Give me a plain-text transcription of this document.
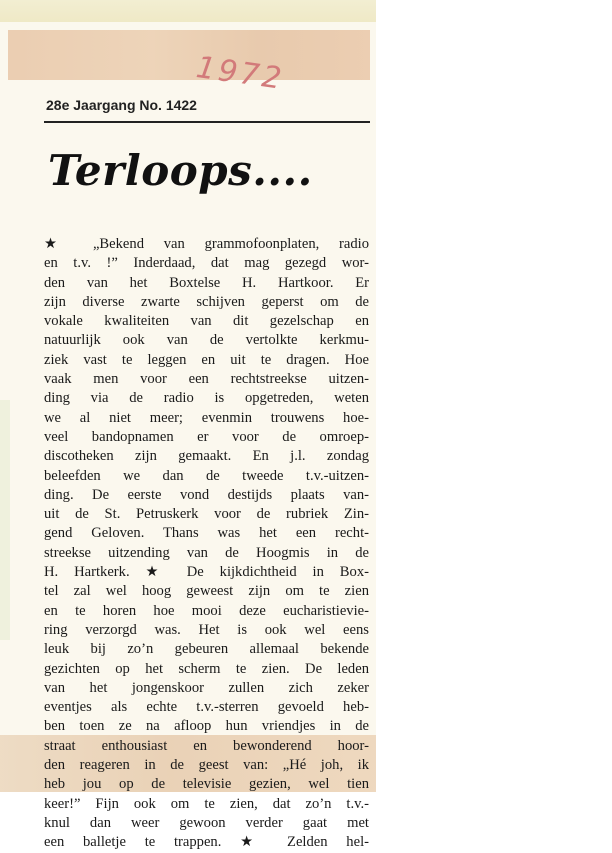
1972
28e Jaargang No. 1422
Terloops....
★ „Bekend van grammofoonplaten, radio
en t.v. !” Inderdaad, dat mag gezegd wor-
den van het Boxtelse H. Hartkoor. Er
zijn diverse zwarte schijven geperst om de
vokale kwaliteiten van dit gezelschap en
natuurlijk ook van de vertolkte kerkmu-
ziek vast te leggen en uit te dragen. Hoe
vaak men voor een rechtstreekse uitzen-
ding via de radio is opgetreden, weten
we al niet meer; evenmin trouwens hoe-
veel bandopnamen er voor de omroep-
discotheken zijn gemaakt. En j.l. zondag
beleefden we dan de tweede t.v.-uitzen-
ding. De eerste vond destijds plaats van-
uit de St. Petruskerk voor de rubriek Zin-
gend Geloven. Thans was het een recht-
streekse uitzending van de Hoogmis in de
H. Hartkerk. ★ De kijkdichtheid in Box-
tel zal wel hoog geweest zijn om te zien
en te horen hoe mooi deze eucharistievie-
ring verzorgd was. Het is ook wel eens
leuk bij zo’n gebeuren allemaal bekende
gezichten op het scherm te zien. De leden
van het jongenskoor zullen zich zeker
eventjes als echte t.v.-sterren gevoeld heb-
ben toen ze na afloop hun vriendjes in de
straat enthousiast en bewonderend hoor-
den reageren in de geest van: „Hé joh, ik
heb jou op de televisie gezien, wel tien
keer!” Fijn ook om te zien, dat zo’n t.v.-
knul dan weer gewoon verder gaat met
een balletje te trappen. ★ Zelden hel-
